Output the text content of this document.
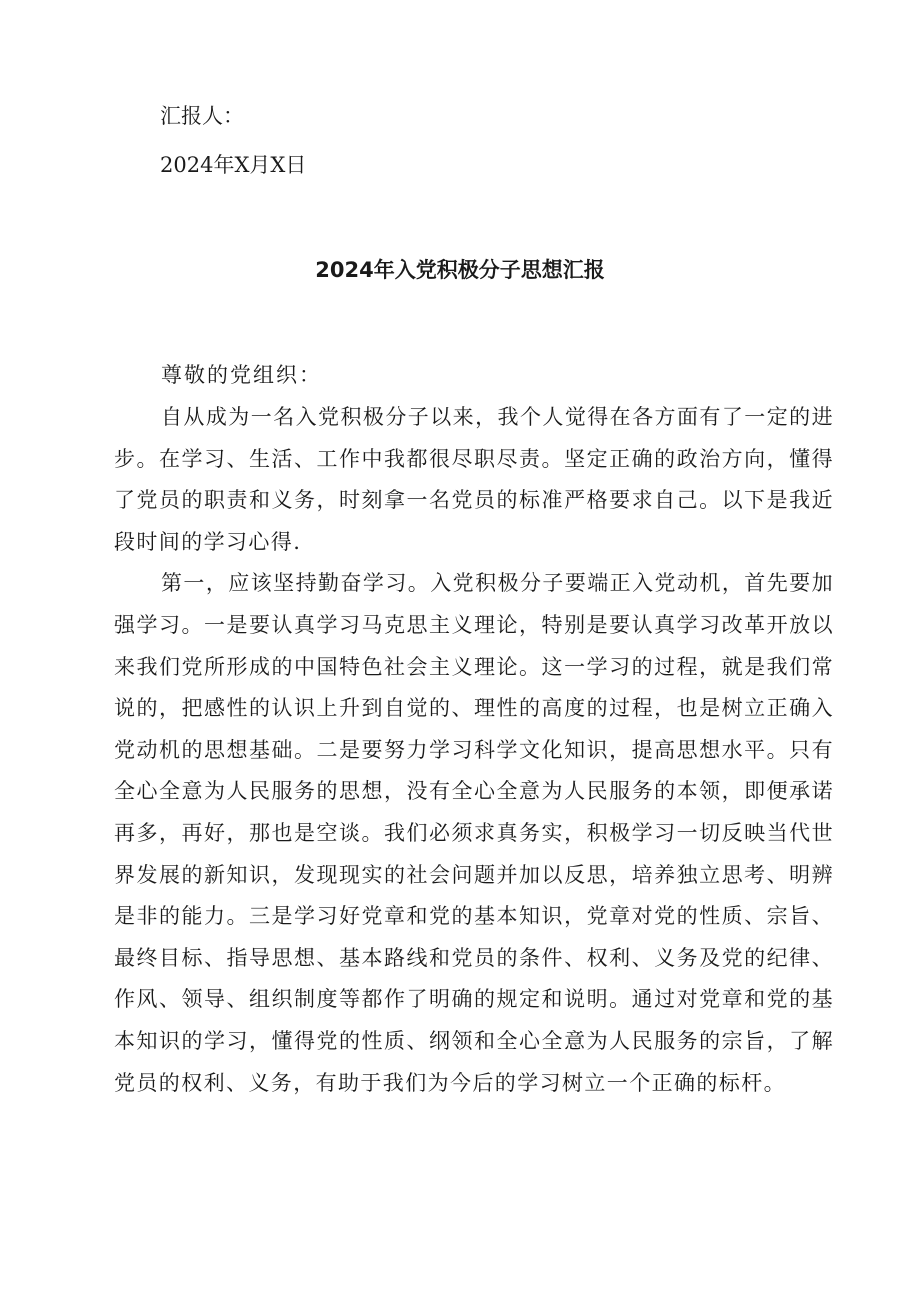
汇报人：

2024年X月X日

2024年入党积极分子思想汇报

尊敬的党组织：

自从成为一名入党积极分子以来，我个人觉得在各方面有了一定的进步。在学习、生活、工作中我都很尽职尽责。坚定正确的政治方向，懂得了党员的职责和义务，时刻拿一名党员的标准严格要求自己。以下是我近段时间的学习心得.

第一，应该坚持勤奋学习。入党积极分子要端正入党动机，首先要加强学习。一是要认真学习马克思主义理论，特别是要认真学习改革开放以来我们党所形成的中国特色社会主义理论。这一学习的过程，就是我们常说的，把感性的认识上升到自觉的、理性的高度的过程，也是树立正确入党动机的思想基础。二是要努力学习科学文化知识，提高思想水平。只有全心全意为人民服务的思想，没有全心全意为人民服务的本领，即便承诺再多，再好，那也是空谈。我们必须求真务实，积极学习一切反映当代世界发展的新知识，发现现实的社会问题并加以反思，培养独立思考、明辨是非的能力。三是学习好党章和党的基本知识，党章对党的性质、宗旨、最终目标、指导思想、基本路线和党员的条件、权利、义务及党的纪律、作风、领导、组织制度等都作了明确的规定和说明。通过对党章和党的基本知识的学习，懂得党的性质、纲领和全心全意为人民服务的宗旨，了解党员的权利、义务，有助于我们为今后的学习树立一个正确的标杆。
